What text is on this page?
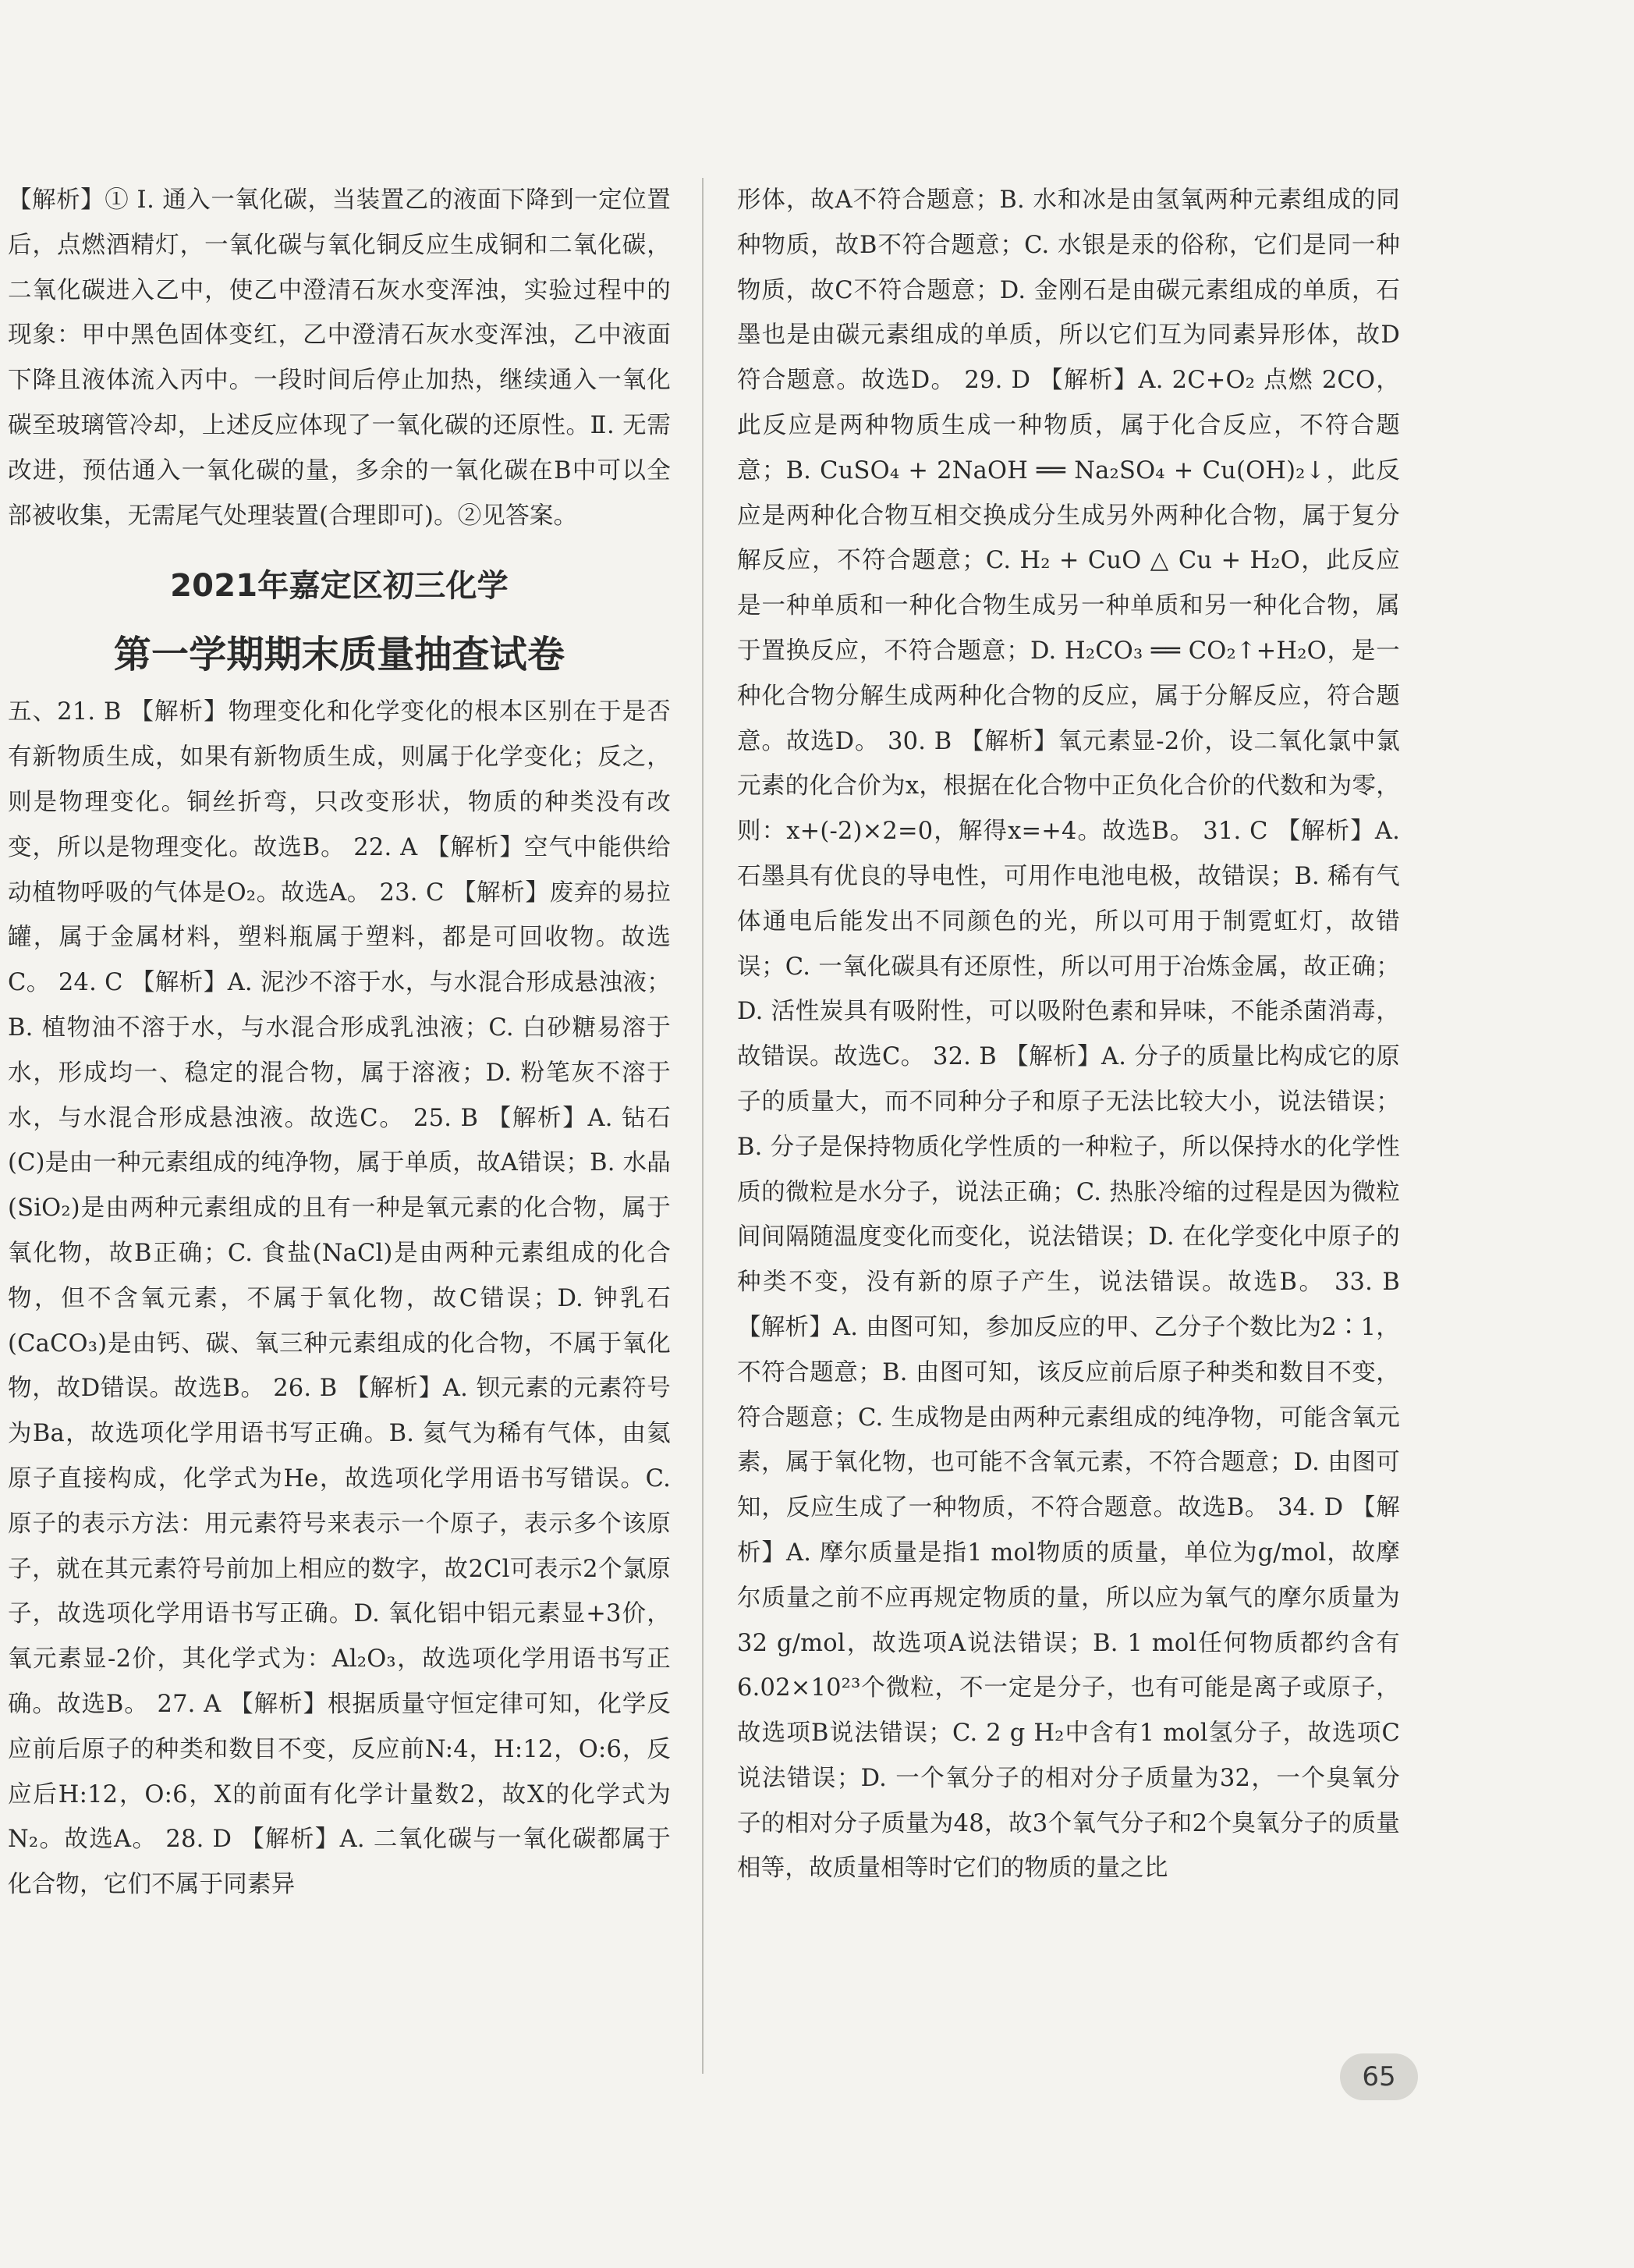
【解析】① Ⅰ. 通入一氧化碳，当装置乙的液面下降到一定位置后，点燃酒精灯，一氧化碳与氧化铜反应生成铜和二氧化碳，二氧化碳进入乙中，使乙中澄清石灰水变浑浊，实验过程中的现象：甲中黑色固体变红，乙中澄清石灰水变浑浊，乙中液面下降且液体流入丙中。一段时间后停止加热，继续通入一氧化碳至玻璃管冷却，上述反应体现了一氧化碳的还原性。Ⅱ. 无需改进，预估通入一氧化碳的量，多余的一氧化碳在B中可以全部被收集，无需尾气处理装置(合理即可)。②见答案。

2021年嘉定区初三化学
第一学期期末质量抽查试卷

五、21. B 【解析】物理变化和化学变化的根本区别在于是否有新物质生成，如果有新物质生成，则属于化学变化；反之，则是物理变化。铜丝折弯，只改变形状，物质的种类没有改变，所以是物理变化。故选B。 22. A 【解析】空气中能供给动植物呼吸的气体是O₂。故选A。 23. C 【解析】废弃的易拉罐，属于金属材料，塑料瓶属于塑料，都是可回收物。故选C。 24. C 【解析】A. 泥沙不溶于水，与水混合形成悬浊液；B. 植物油不溶于水，与水混合形成乳浊液；C. 白砂糖易溶于水，形成均一、稳定的混合物，属于溶液；D. 粉笔灰不溶于水，与水混合形成悬浊液。故选C。 25. B 【解析】A. 钻石(C)是由一种元素组成的纯净物，属于单质，故A错误；B. 水晶(SiO₂)是由两种元素组成的且有一种是氧元素的化合物，属于氧化物，故B正确；C. 食盐(NaCl)是由两种元素组成的化合物，但不含氧元素，不属于氧化物，故C错误；D. 钟乳石(CaCO₃)是由钙、碳、氧三种元素组成的化合物，不属于氧化物，故D错误。故选B。 26. B 【解析】A. 钡元素的元素符号为Ba，故选项化学用语书写正确。B. 氦气为稀有气体，由氦原子直接构成，化学式为He，故选项化学用语书写错误。C. 原子的表示方法：用元素符号来表示一个原子，表示多个该原子，就在其元素符号前加上相应的数字，故2Cl可表示2个氯原子，故选项化学用语书写正确。D. 氧化铝中铝元素显+3价，氧元素显-2价，其化学式为：Al₂O₃，故选项化学用语书写正确。故选B。 27. A 【解析】根据质量守恒定律可知，化学反应前后原子的种类和数目不变，反应前N:4，H:12，O:6，反应后H:12，O:6，X的前面有化学计量数2，故X的化学式为N₂。故选A。 28. D 【解析】A. 二氧化碳与一氧化碳都属于化合物，它们不属于同素异

形体，故A不符合题意；B. 水和冰是由氢氧两种元素组成的同种物质，故B不符合题意；C. 水银是汞的俗称，它们是同一种物质，故C不符合题意；D. 金刚石是由碳元素组成的单质，石墨也是由碳元素组成的单质，所以它们互为同素异形体，故D符合题意。故选D。 29. D 【解析】A. 2C+O₂ 点燃 2CO，此反应是两种物质生成一种物质，属于化合反应，不符合题意；B. CuSO₄ + 2NaOH ══ Na₂SO₄ + Cu(OH)₂↓，此反应是两种化合物互相交换成分生成另外两种化合物，属于复分解反应，不符合题意；C. H₂ + CuO △ Cu + H₂O，此反应是一种单质和一种化合物生成另一种单质和另一种化合物，属于置换反应，不符合题意；D. H₂CO₃ ══ CO₂↑+H₂O，是一种化合物分解生成两种化合物的反应，属于分解反应，符合题意。故选D。 30. B 【解析】氧元素显-2价，设二氧化氯中氯元素的化合价为x，根据在化合物中正负化合价的代数和为零，则：x+(-2)×2=0，解得x=+4。故选B。 31. C 【解析】A. 石墨具有优良的导电性，可用作电池电极，故错误；B. 稀有气体通电后能发出不同颜色的光，所以可用于制霓虹灯，故错误；C. 一氧化碳具有还原性，所以可用于冶炼金属，故正确；D. 活性炭具有吸附性，可以吸附色素和异味，不能杀菌消毒，故错误。故选C。 32. B 【解析】A. 分子的质量比构成它的原子的质量大，而不同种分子和原子无法比较大小，说法错误；B. 分子是保持物质化学性质的一种粒子，所以保持水的化学性质的微粒是水分子，说法正确；C. 热胀冷缩的过程是因为微粒间间隔随温度变化而变化，说法错误；D. 在化学变化中原子的种类不变，没有新的原子产生，说法错误。故选B。 33. B 【解析】A. 由图可知，参加反应的甲、乙分子个数比为2∶1，不符合题意；B. 由图可知，该反应前后原子种类和数目不变，符合题意；C. 生成物是由两种元素组成的纯净物，可能含氧元素，属于氧化物，也可能不含氧元素，不符合题意；D. 由图可知，反应生成了一种物质，不符合题意。故选B。 34. D 【解析】A. 摩尔质量是指1 mol物质的质量，单位为g/mol，故摩尔质量之前不应再规定物质的量，所以应为氧气的摩尔质量为32 g/mol，故选项A说法错误；B. 1 mol任何物质都约含有6.02×10²³个微粒，不一定是分子，也有可能是离子或原子，故选项B说法错误；C. 2 g H₂中含有1 mol氢分子，故选项C说法错误；D. 一个氧分子的相对分子质量为32，一个臭氧分子的相对分子质量为48，故3个氧气分子和2个臭氧分子的质量相等，故质量相等时它们的物质的量之比

65
